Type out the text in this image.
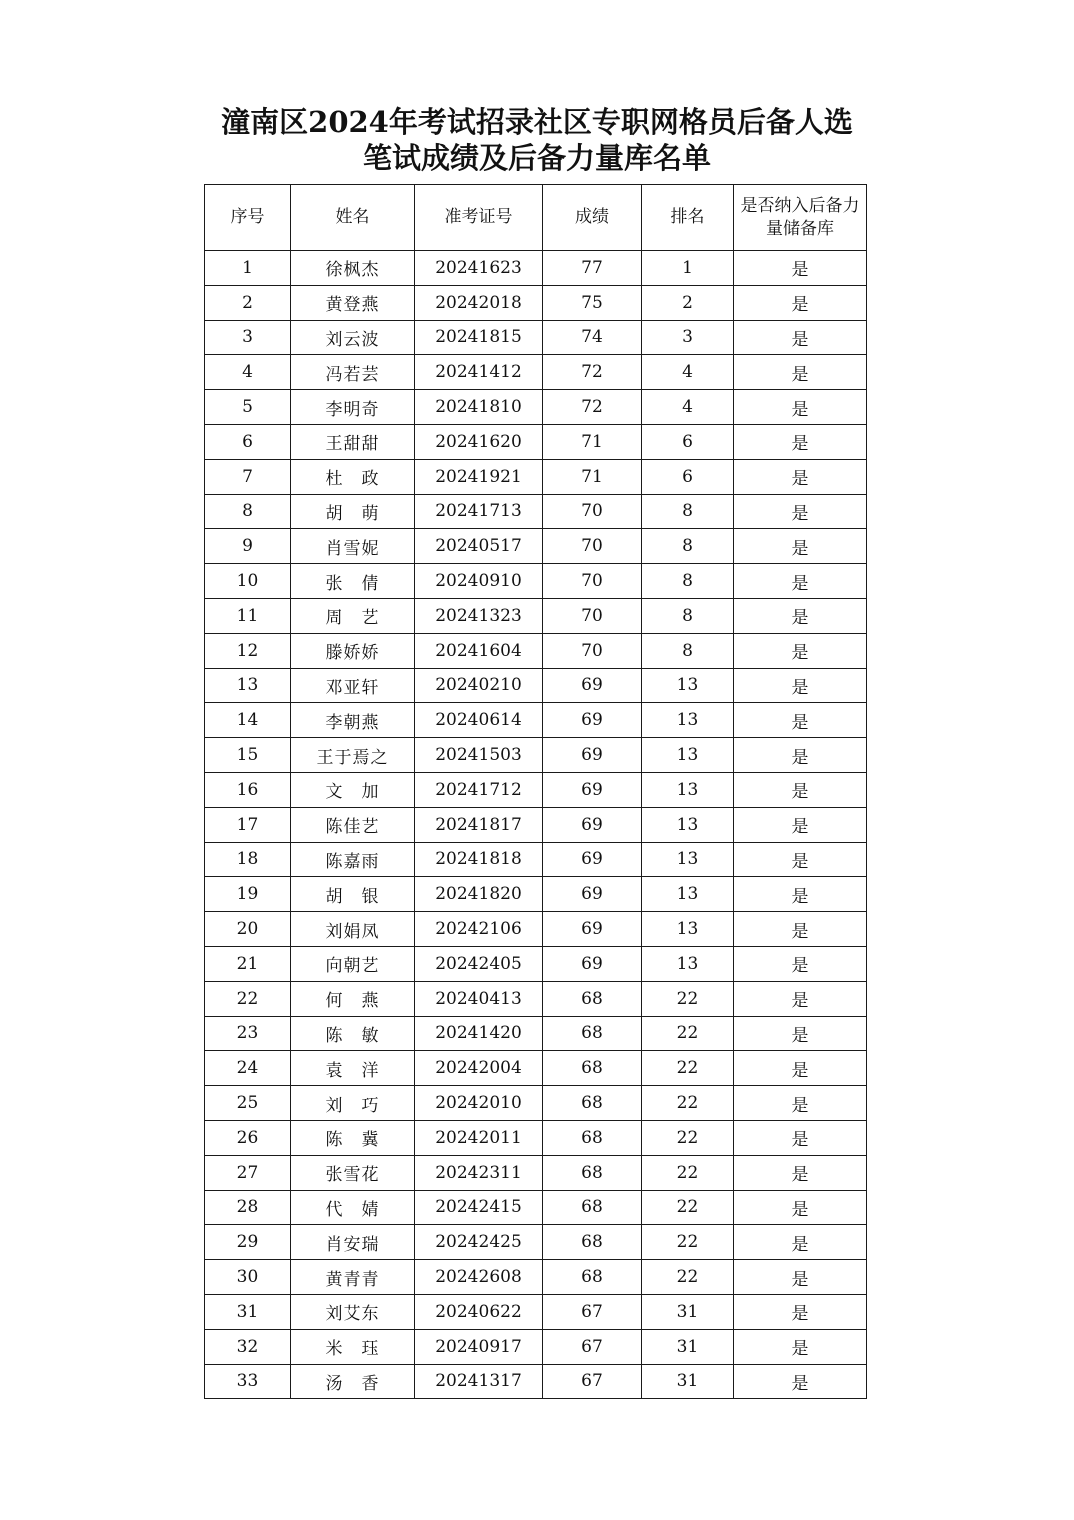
潼南区2024年考试招录社区专职网格员后备人选
笔试成绩及后备力量库名单
序号	姓名	准考证号	成绩	排名	是否纳入后备力量储备库
1	徐枫杰	20241623	77	1	是
2	黄登燕	20242018	75	2	是
3	刘云波	20241815	74	3	是
4	冯若芸	20241412	72	4	是
5	李明奇	20241810	72	4	是
6	王甜甜	20241620	71	6	是
7	杜　政	20241921	71	6	是
8	胡　萌	20241713	70	8	是
9	肖雪妮	20240517	70	8	是
10	张　倩	20240910	70	8	是
11	周　艺	20241323	70	8	是
12	滕娇娇	20241604	70	8	是
13	邓亚轩	20240210	69	13	是
14	李朝燕	20240614	69	13	是
15	王于焉之	20241503	69	13	是
16	文　加	20241712	69	13	是
17	陈佳艺	20241817	69	13	是
18	陈嘉雨	20241818	69	13	是
19	胡　银	20241820	69	13	是
20	刘娟凤	20242106	69	13	是
21	向朝艺	20242405	69	13	是
22	何　燕	20240413	68	22	是
23	陈　敏	20241420	68	22	是
24	袁　洋	20242004	68	22	是
25	刘　巧	20242010	68	22	是
26	陈　冀	20242011	68	22	是
27	张雪花	20242311	68	22	是
28	代　婧	20242415	68	22	是
29	肖安瑞	20242425	68	22	是
30	黄青青	20242608	68	22	是
31	刘艾东	20240622	67	31	是
32	米　珏	20240917	67	31	是
33	汤　香	20241317	67	31	是
